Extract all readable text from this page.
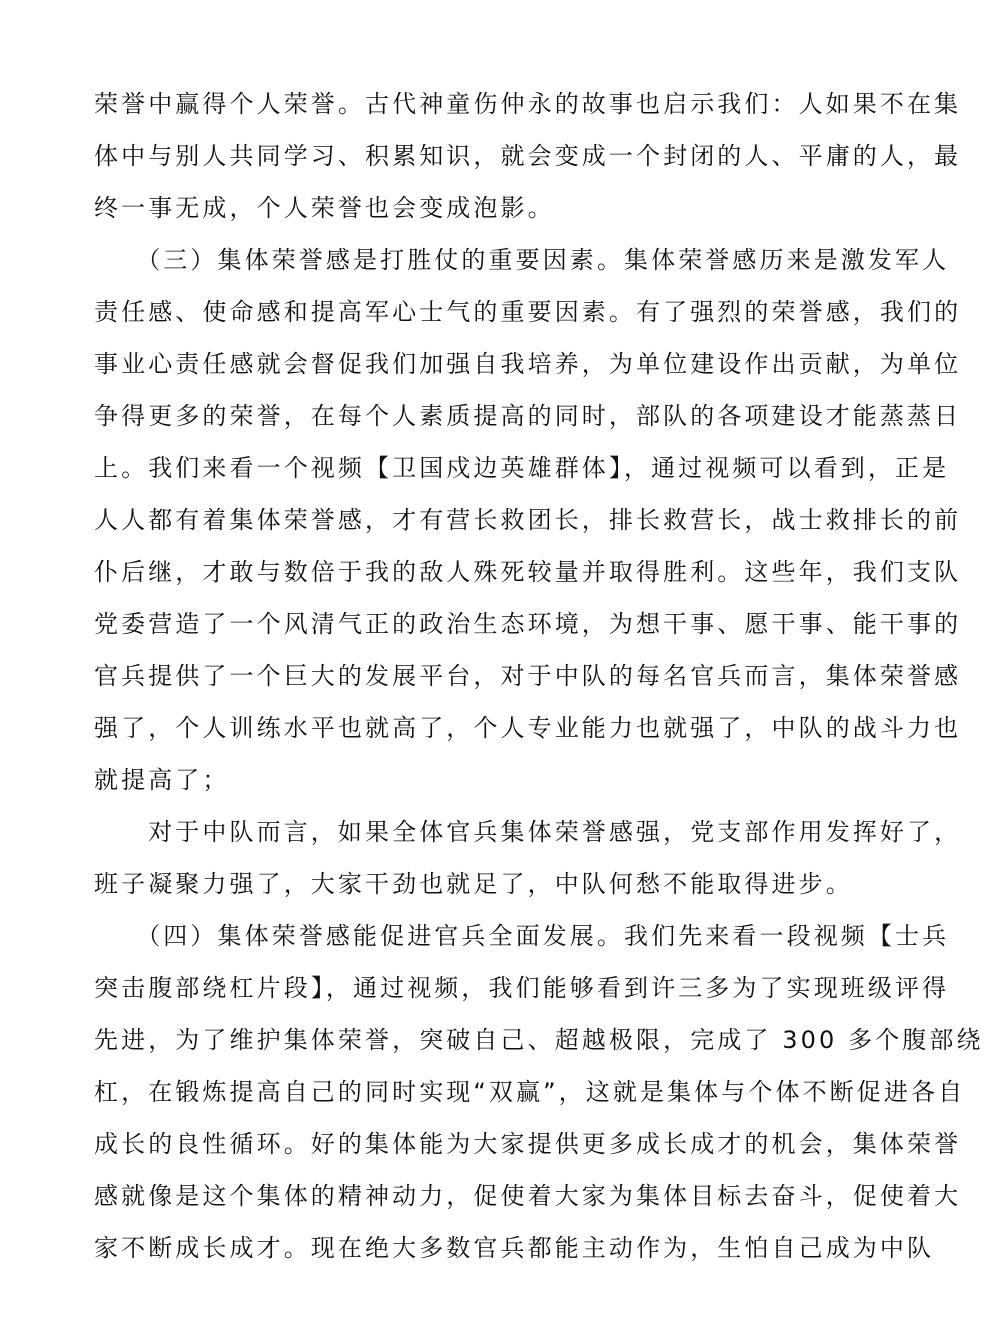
荣誉中赢得个人荣誉。古代神童伤仲永的故事也启示我们：人如果不在集
体中与别人共同学习、积累知识，就会变成一个封闭的人、平庸的人，最
终一事无成，个人荣誉也会变成泡影。
　　（三）集体荣誉感是打胜仗的重要因素。集体荣誉感历来是激发军人
责任感、使命感和提高军心士气的重要因素。有了强烈的荣誉感，我们的
事业心责任感就会督促我们加强自我培养，为单位建设作出贡献，为单位
争得更多的荣誉，在每个人素质提高的同时，部队的各项建设才能蒸蒸日
上。我们来看一个视频【卫国戍边英雄群体】，通过视频可以看到，正是
人人都有着集体荣誉感，才有营长救团长，排长救营长，战士救排长的前
仆后继，才敢与数倍于我的敌人殊死较量并取得胜利。这些年，我们支队
党委营造了一个风清气正的政治生态环境，为想干事、愿干事、能干事的
官兵提供了一个巨大的发展平台，对于中队的每名官兵而言，集体荣誉感
强了，个人训练水平也就高了，个人专业能力也就强了，中队的战斗力也
就提高了；
　　对于中队而言，如果全体官兵集体荣誉感强，党支部作用发挥好了，
班子凝聚力强了，大家干劲也就足了，中队何愁不能取得进步。
　　（四）集体荣誉感能促进官兵全面发展。我们先来看一段视频【士兵
突击腹部绕杠片段】，通过视频，我们能够看到许三多为了实现班级评得
先进，为了维护集体荣誉，突破自己、超越极限，完成了 300 多个腹部绕
杠，在锻炼提高自己的同时实现“双赢”，这就是集体与个体不断促进各自
成长的良性循环。好的集体能为大家提供更多成长成才的机会，集体荣誉
感就像是这个集体的精神动力，促使着大家为集体目标去奋斗，促使着大
家不断成长成才。现在绝大多数官兵都能主动作为，生怕自己成为中队
